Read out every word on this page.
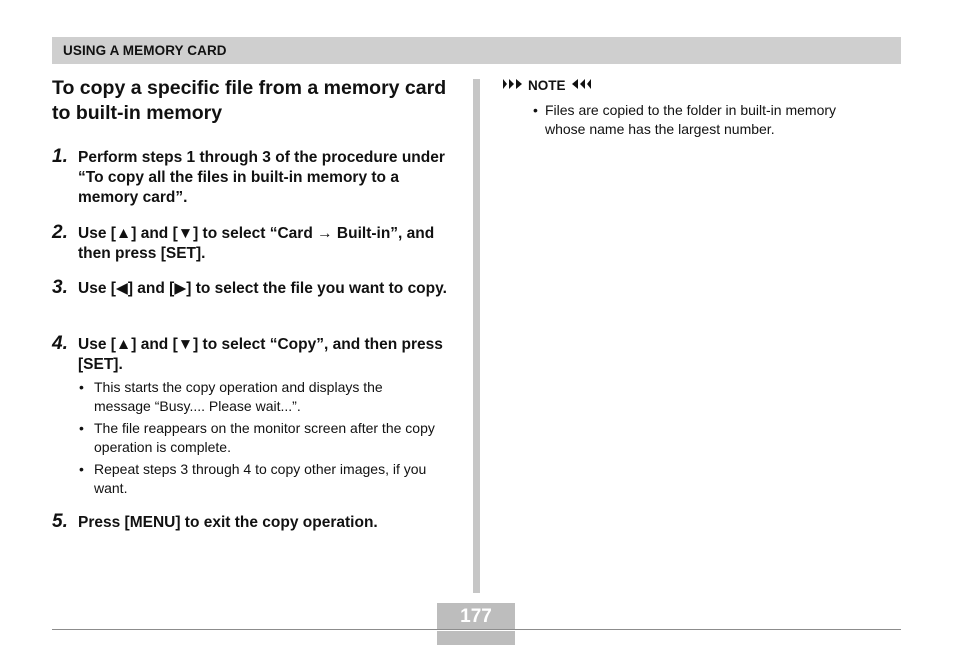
USING A MEMORY CARD
To copy a specific file from a memory card to built-in memory
1. Perform steps 1 through 3 of the procedure under “To copy all the files in built-in memory to a memory card”.
2. Use [▲] and [▼] to select “Card → Built-in”, and then press [SET].
3. Use [◀] and [▶] to select the file you want to copy.
4. Use [▲] and [▼] to select “Copy”, and then press [SET].
• This starts the copy operation and displays the message “Busy.... Please wait...”.
• The file reappears on the monitor screen after the copy operation is complete.
• Repeat steps 3 through 4 to copy other images, if you want.
5. Press [MENU] to exit the copy operation.
NOTE
• Files are copied to the folder in built-in memory whose name has the largest number.
177
